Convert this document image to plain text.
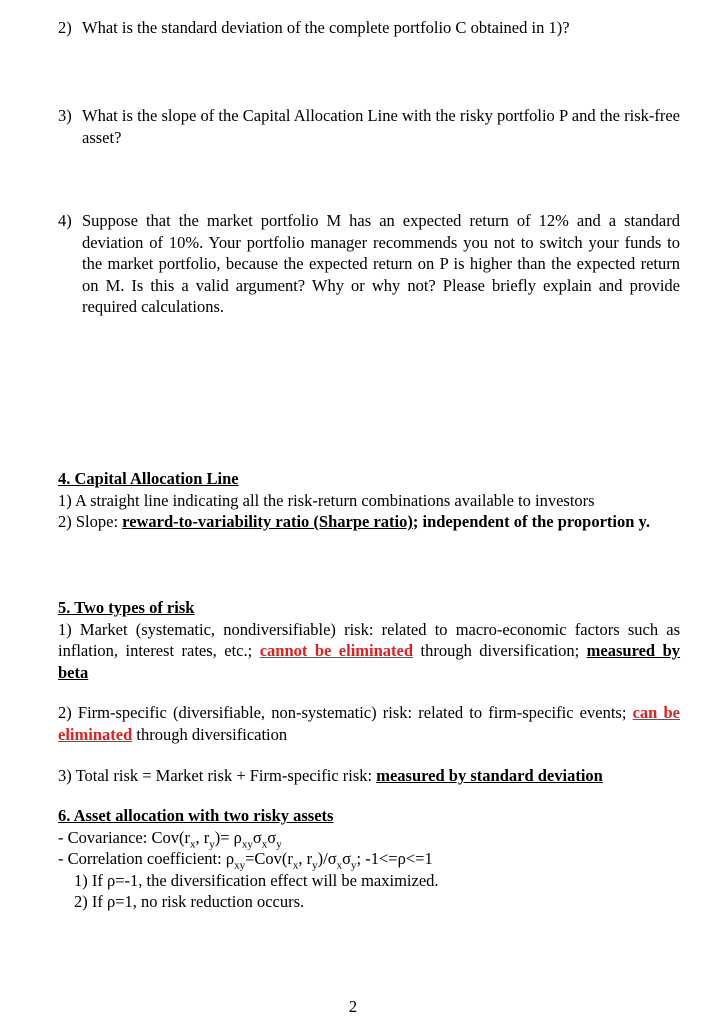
2) What is the standard deviation of the complete portfolio C obtained in 1)?
3) What is the slope of the Capital Allocation Line with the risky portfolio P and the risk-free asset?
4) Suppose that the market portfolio M has an expected return of 12% and a standard deviation of 10%. Your portfolio manager recommends you not to switch your funds to the market portfolio, because the expected return on P is higher than the expected return on M. Is this a valid argument? Why or why not? Please briefly explain and provide required calculations.
4. Capital Allocation Line
1) A straight line indicating all the risk-return combinations available to investors
2) Slope: reward-to-variability ratio (Sharpe ratio); independent of the proportion y.
5. Two types of risk
1) Market (systematic, nondiversifiable) risk: related to macro-economic factors such as inflation, interest rates, etc.; cannot be eliminated through diversification; measured by beta
2) Firm-specific (diversifiable, non-systematic) risk: related to firm-specific events; can be eliminated through diversification
3) Total risk = Market risk + Firm-specific risk: measured by standard deviation
6. Asset allocation with two risky assets
- Covariance: $Cov(r_x$, $r_y)= \rho_{xy}\sigma_x\sigma_y$
- Correlation coefficient: $\rho_{xy}=Cov(r_x$, $r_y)/\sigma_x\sigma_y$; -1<=ρ<=1
1) If ρ=-1, the diversification effect will be maximized.
2) If ρ=1, no risk reduction occurs.
2
